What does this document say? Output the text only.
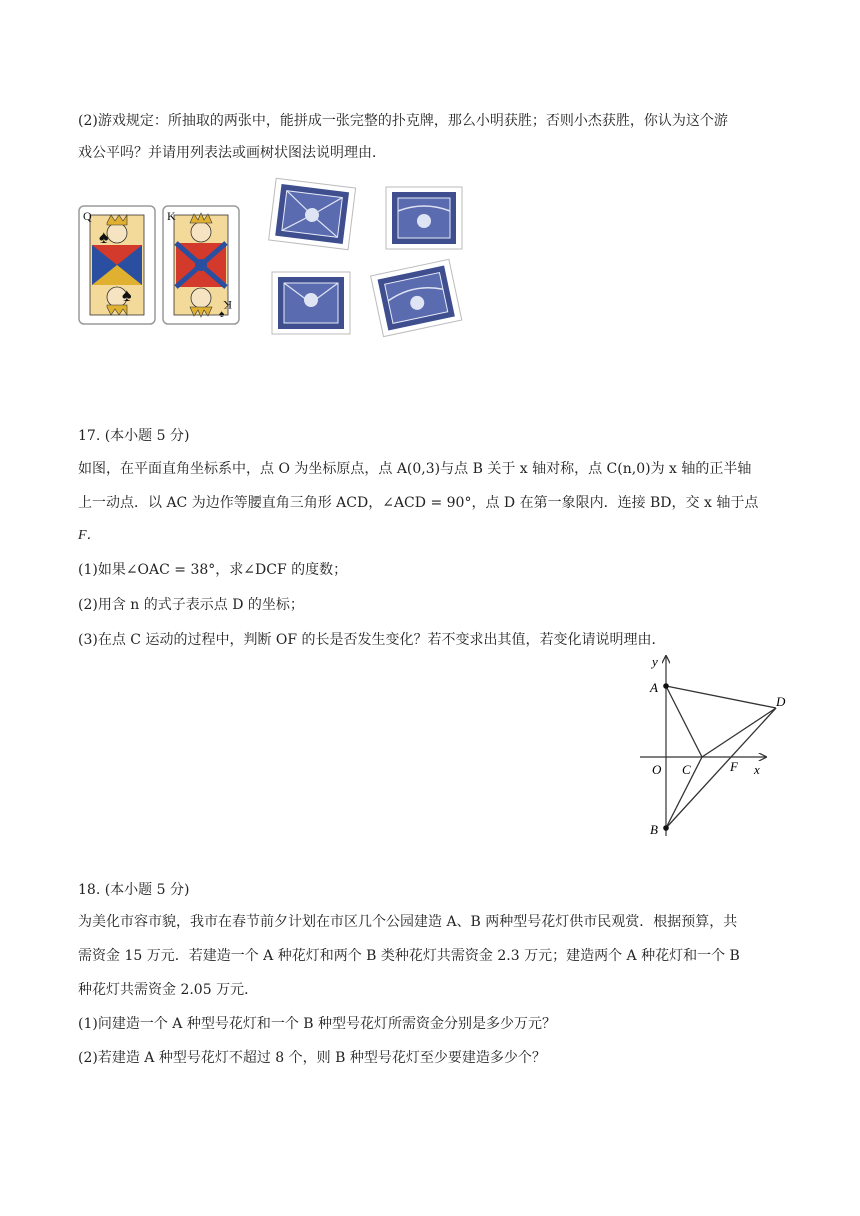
(2)游戏规定：所抽取的两张中，能拼成一张完整的扑克牌，那么小明获胜；否则小杰获胜，你认为这个游
戏公平吗？并请用列表法或画树状图法说明理由．
Q
♠
♠
K
K
♠
17. (本小题 5 分)
如图，在平面直角坐标系中，点 O 为坐标原点，点 A(0,3)与点 B 关于 x 轴对称，点 C(n,0)为 x 轴的正半轴
上一动点．以 AC 为边作等腰直角三角形 ACD，∠ACD = 90°，点 D 在第一象限内．连接 BD，交 x 轴于点
F．
(1)如果∠OAC = 38°，求∠DCF 的度数；
(2)用含 n 的式子表示点 D 的坐标；
(3)在点 C 运动的过程中，判断 OF 的长是否发生变化？若不变求出其值，若变化请说明理由．
y
x
A
O C	F
D
B
18. (本小题 5 分)
为美化市容市貌，我市在春节前夕计划在市区几个公园建造 A、B 两种型号花灯供市民观赏．根据预算，共
需资金 15 万元．若建造一个 A 种花灯和两个 B 类种花灯共需资金 2.3 万元；建造两个 A 种花灯和一个 B
种花灯共需资金 2.05 万元．
(1)问建造一个 A 种型号花灯和一个 B 种型号花灯所需资金分别是多少万元？
(2)若建造 A 种型号花灯不超过 8 个，则 B 种型号花灯至少要建造多少个？
